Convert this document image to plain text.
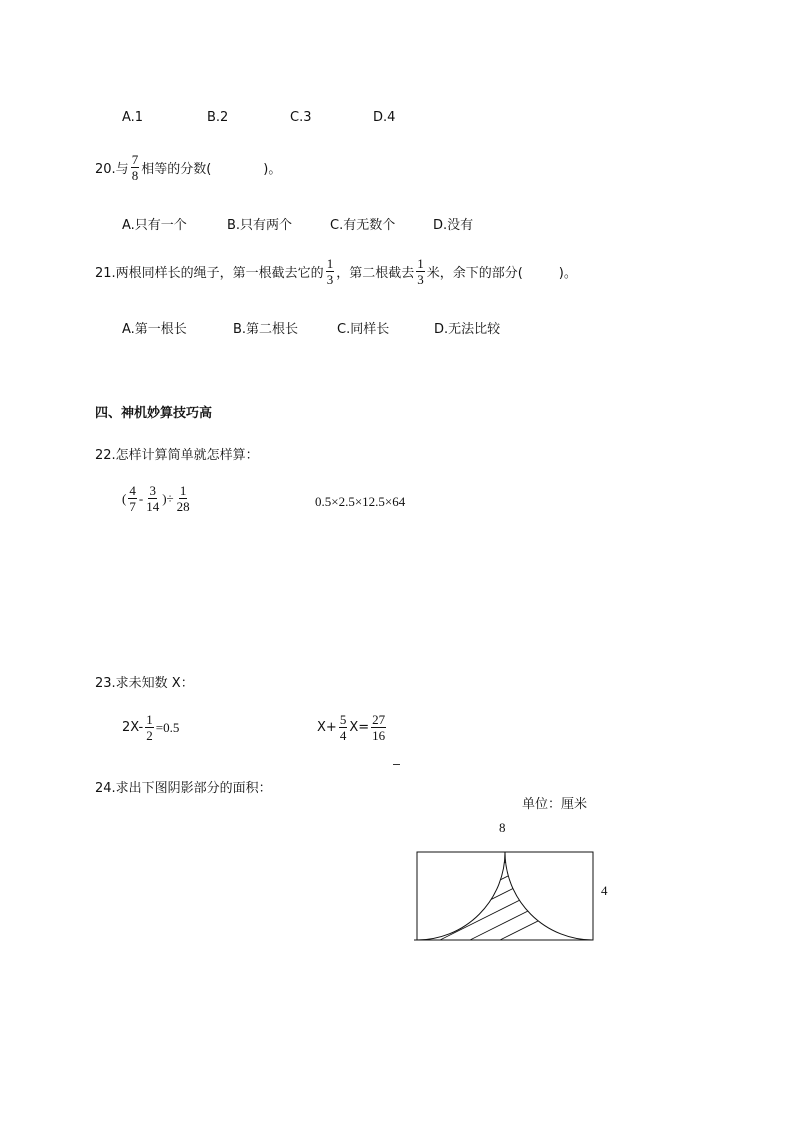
A.1	B.2	C.3	D.4
20.与 $\frac{7}{8}$ 相等的分数(	)。
A.只有一个	B.只有两个	C.有无数个	D.没有
21.两根同样长的绳子，第一根截去它的 $\frac{1}{3}$ ，第二根截去 $\frac{1}{3}$ 米，余下的部分(	)。
A.第一根长	B.第二根长	C.同样长	D.无法比较
四、神机妙算技巧高
22.怎样计算简单就怎样算：
( $\frac{4}{7} - \frac{3}{14}$ )÷ $\frac{1}{28}$	0.5×2.5×12.5×64
23.求未知数 X：
$2X- \frac{1}{2} =0.5$	$X+ \frac{5}{4} X= \frac{27}{16}$
24.求出下图阴影部分的面积：
单位：厘米
8
4
